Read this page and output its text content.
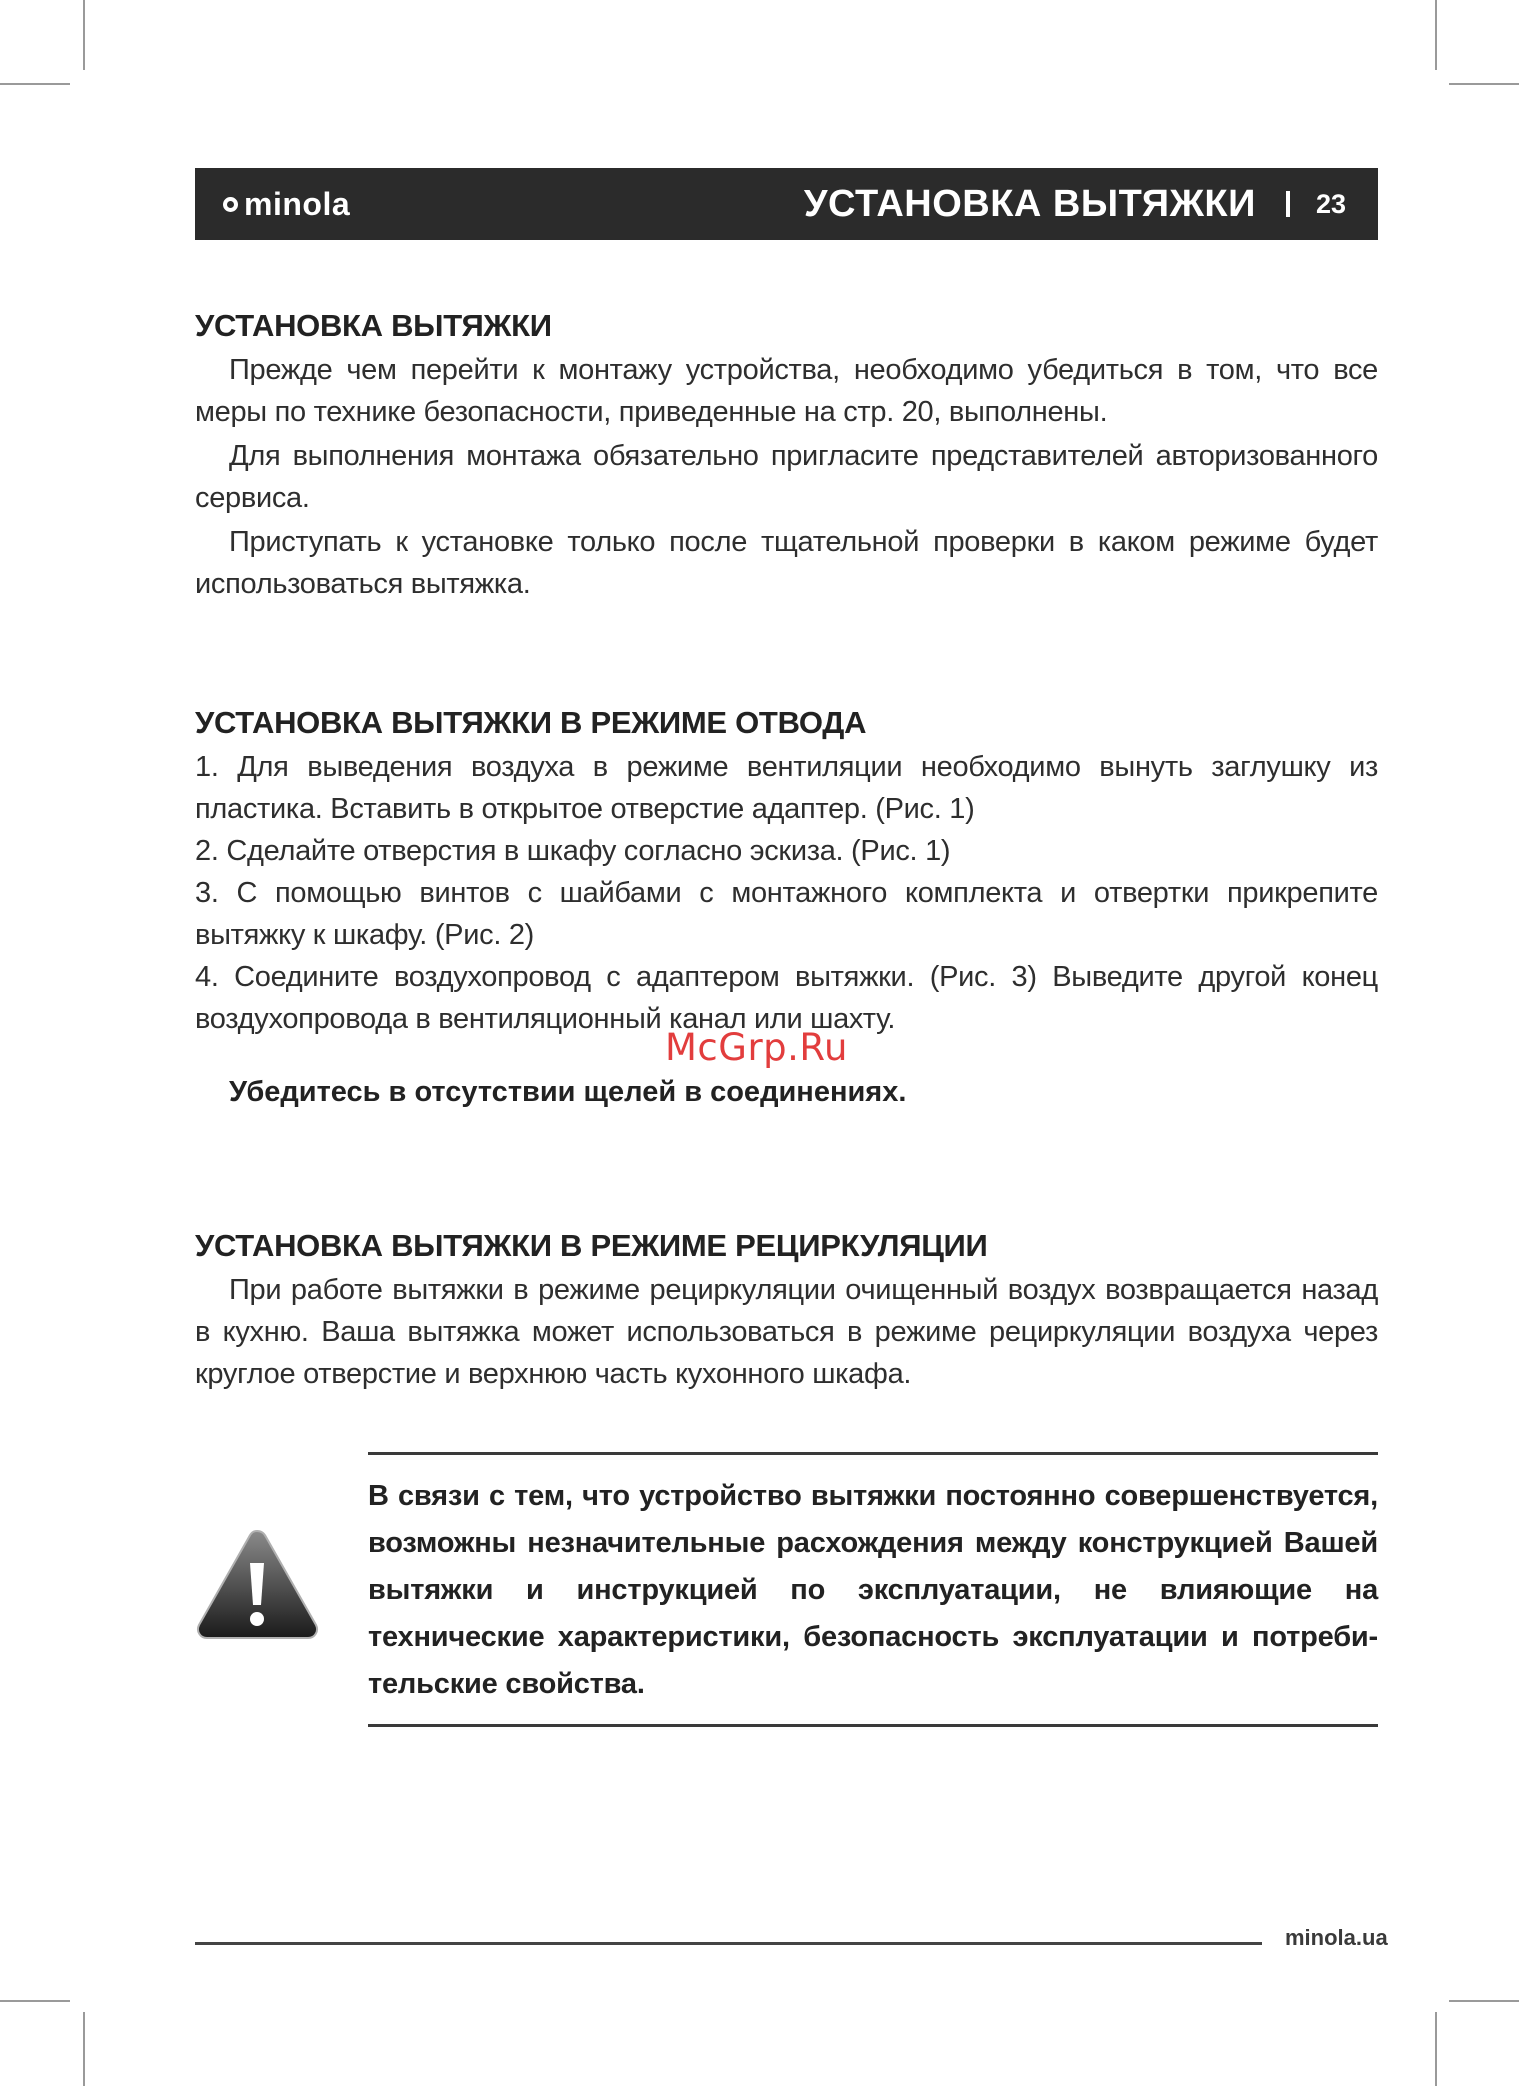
minola	УСТАНОВКА ВЫТЯЖКИ 23
УСТАНОВКА ВЫТЯЖКИ

Прежде чем перейти к монтажу устройства, необходимо убедиться в том, что все меры по технике безопасности, приведенные на стр. 20, выполнены.

Для выполнения монтажа обязательно пригласите представителей авторизованного сервиса.

Приступать к установке только после тщательной проверки в каком режиме будет использоваться вытяжка.

УСТАНОВКА ВЫТЯЖКИ В РЕЖИМЕ ОТВОДА

1. Для выведения воздуха в режиме вентиляции необходимо вынуть заглушку из пластика. Вставить в открытое отверстие адаптер. (Рис. 1)

2. Сделайте отверстия в шкафу согласно эскиза. (Рис. 1)

3. С помощью винтов с шайбами с монтажного комплекта и отвертки прикрепите вытяжку к шкафу. (Рис. 2)

4. Соедините воздухопровод с адаптером вытяжки. (Рис. 3) Выведите другой конец воздухопровода в вентиляционный канал или шахту.

Убедитесь в отсутствии щелей в соединениях.

McGrp.Ru
УСТАНОВКА ВЫТЯЖКИ В РЕЖИМЕ РЕЦИРКУЛЯЦИИ

При работе вытяжки в режиме рециркуляции очищенный воздух возвращается назад в кухню. Ваша вытяжка может использоваться в режиме рециркуляции воздуха через круглое отверстие и верхнюю часть кухонного шкафа.

В связи с тем, что устройство вытяжки постоянно совершенствуется, возможны незначительные расхождения между конструкцией Вашей вытяжки и инструкцией по эксплуатации, не влияющие на технические характеристики, безопасность эксплуатации и потреби-тельские свойства.

minola.ua
